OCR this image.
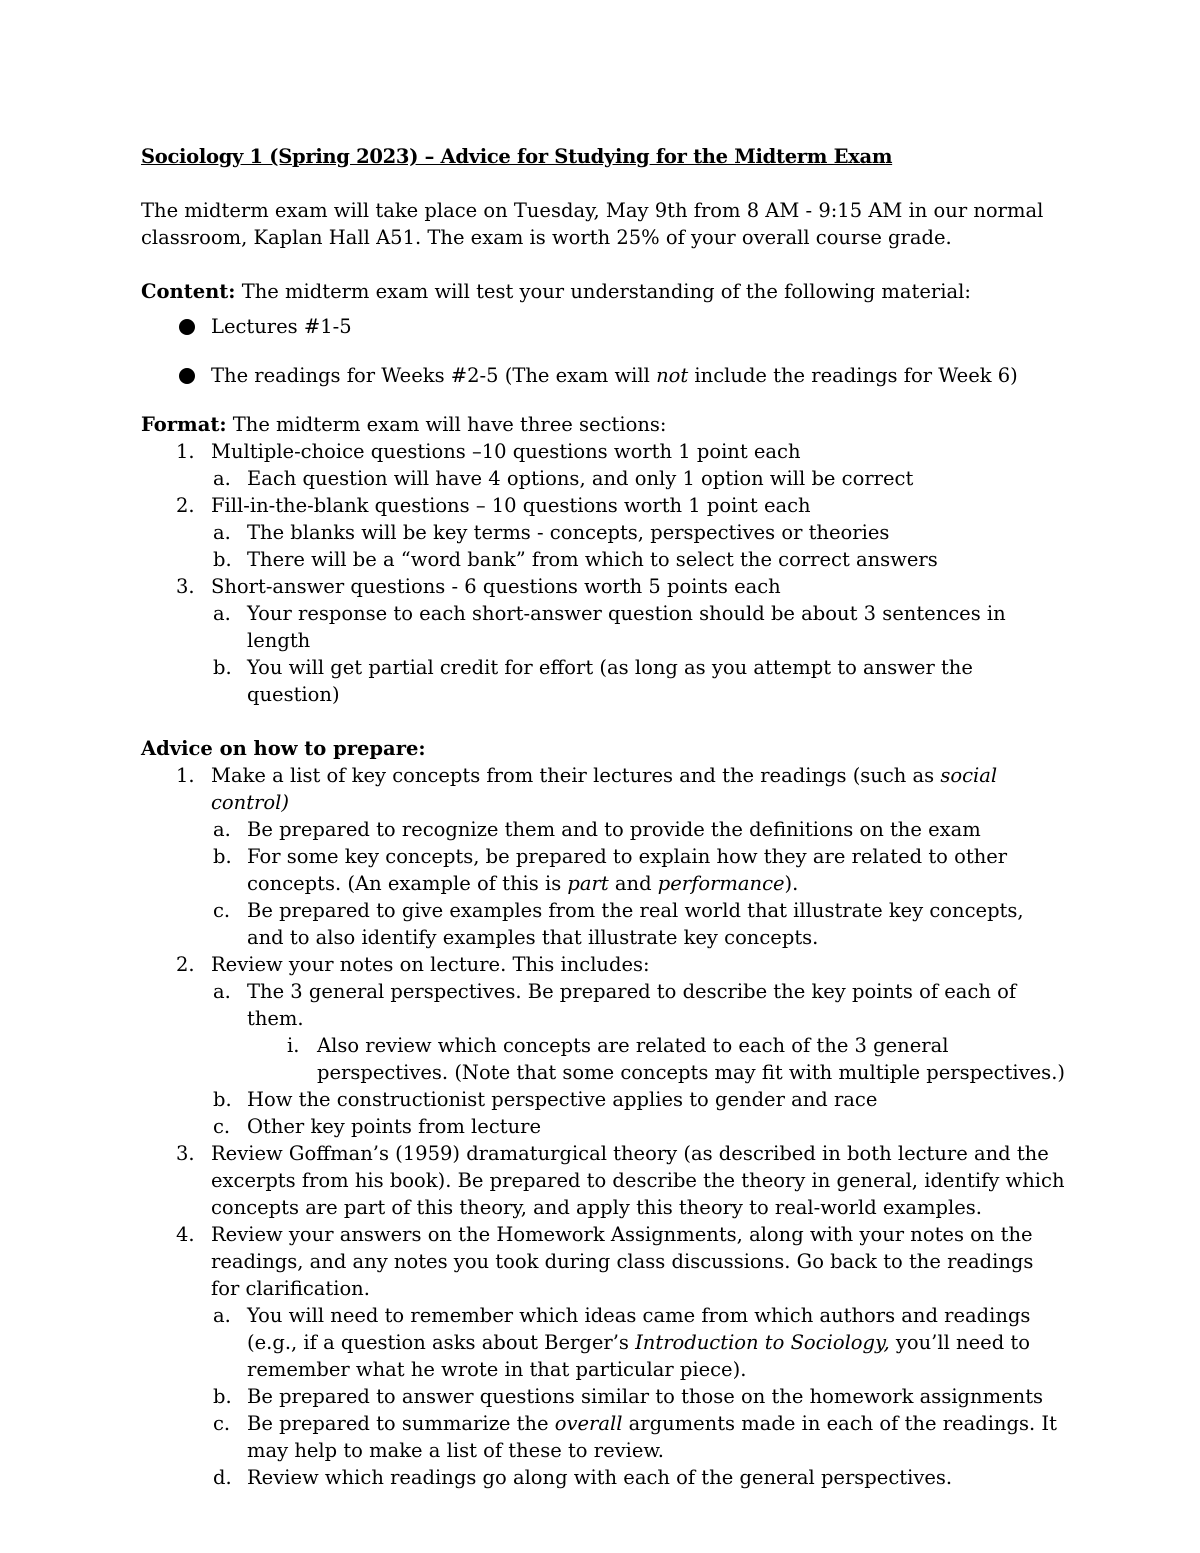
Sociology 1 (Spring 2023) – Advice for Studying for the Midterm Exam

The midterm exam will take place on Tuesday, May 9th from 8 AM - 9:15 AM in our normal classroom, Kaplan Hall A51. The exam is worth 25% of your overall course grade.

Content: The midterm exam will test your understanding of the following material:

Lectures #1-5
The readings for Weeks #2-5 (The exam will not include the readings for Week 6)

Format: The midterm exam will have three sections:

1. Multiple-choice questions –10 questions worth 1 point each
a. Each question will have 4 options, and only 1 option will be correct
2. Fill-in-the-blank questions – 10 questions worth 1 point each
a. The blanks will be key terms - concepts, perspectives or theories
b. There will be a “word bank” from which to select the correct answers
3. Short-answer questions - 6 questions worth 5 points each
a. Your response to each short-answer question should be about 3 sentences in length
b. You will get partial credit for effort (as long as you attempt to answer the question)

Advice on how to prepare:

1. Make a list of key concepts from their lectures and the readings (such as social control)
a. Be prepared to recognize them and to provide the definitions on the exam
b. For some key concepts, be prepared to explain how they are related to other concepts. (An example of this is part and performance).
c. Be prepared to give examples from the real world that illustrate key concepts, and to also identify examples that illustrate key concepts.
2. Review your notes on lecture. This includes:
a. The 3 general perspectives. Be prepared to describe the key points of each of them.
i. Also review which concepts are related to each of the 3 general perspectives. (Note that some concepts may fit with multiple perspectives.)
b. How the constructionist perspective applies to gender and race
c. Other key points from lecture
3. Review Goffman’s (1959) dramaturgical theory (as described in both lecture and the excerpts from his book). Be prepared to describe the theory in general, identify which concepts are part of this theory, and apply this theory to real-world examples.
4. Review your answers on the Homework Assignments, along with your notes on the readings, and any notes you took during class discussions. Go back to the readings for clarification.
a. You will need to remember which ideas came from which authors and readings (e.g., if a question asks about Berger’s Introduction to Sociology, you’ll need to remember what he wrote in that particular piece).
b. Be prepared to answer questions similar to those on the homework assignments
c. Be prepared to summarize the overall arguments made in each of the readings. It may help to make a list of these to review.
d. Review which readings go along with each of the general perspectives.
